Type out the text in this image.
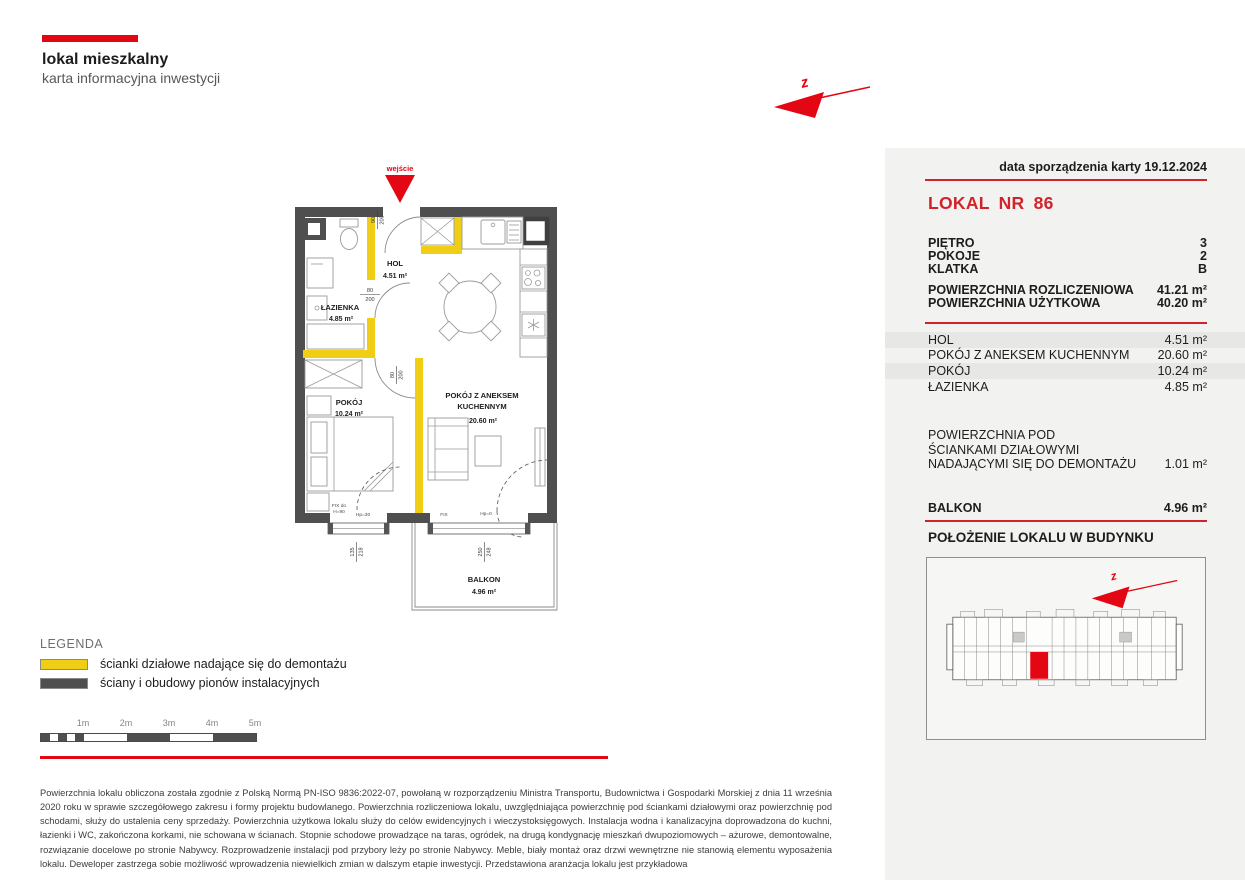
lokal mieszkalny
karta informacyjna inwestycji	z
wejście
90 200
80
200
80 200
FIX do
H=90
Hp=30	FIX	Hp=0
135 218	250 248
HOL
4.51 m²
ŁAZIENKA
4.85 m²
POKÓJ
10.24 m²
POKÓJ Z ANEKSEM
KUCHENNYM
20.60 m²
BALKON
4.96 m²
LEGENDA
ścianki działowe nadające się do demontażu
ściany i obudowy pionów instalacyjnych
1m	2m	3m	4m	5m
Powierzchnia lokalu obliczona została zgodnie z Polską Normą PN-ISO 9836:2022-07, powołaną w rozporządzeniu Ministra Transportu, Budownictwa i Gospodarki Morskiej z dnia 11 września 2020 roku w sprawie szczegółowego zakresu i formy projektu budowlanego. Powierzchnia rozliczeniowa lokalu, uwzględniająca powierzchnię pod ściankami działowymi oraz powierzchnię pod schodami, służy do ustalenia ceny sprzedaży. Powierzchnia użytkowa lokalu służy do celów ewidencyjnych i wieczystoksięgowych. Instalacja wodna i kanalizacyjna doprowadzona do kuchni, łazienki i WC, zakończona korkami, nie schowana w ścianach. Stopnie schodowe prowadzące na taras, ogródek, na drugą kondygnację mieszkań dwupoziomowych – ażurowe, demontowalne, rozwiązanie docelowe po stronie Nabywcy. Rozprowadzenie instalacji pod przybory leży po stronie Nabywcy. Meble, biały montaż oraz drzwi wewnętrzne nie stanowią elementu wyposażenia lokalu. Deweloper zastrzega sobie możliwość wprowadzenia niewielkich zmian w dalszym etapie inwestycji. Przedstawiona aranżacja lokalu jest przykładowa
data sporządzenia karty 19.12.2024
LOKAL NR 86
PIĘTRO	3
POKOJE	2
KLATKA	B
POWIERZCHNIA ROZLICZENIOWA 41.21 m²
POWIERZCHNIA UŻYTKOWA	40.20 m²
HOL	4.51 m²
POKÓJ Z ANEKSEM KUCHENNYM 20.60 m²
POKÓJ	10.24 m²
ŁAZIENKA	4.85 m²
POWIERZCHNIA POD
ŚCIANKAMI DZIAŁOWYMI
NADAJĄCYMI SIĘ DO DEMONTAŻU	1.01 m²
BALKON	4.96 m²
POŁOŻENIE LOKALU W BUDYNKU
z
